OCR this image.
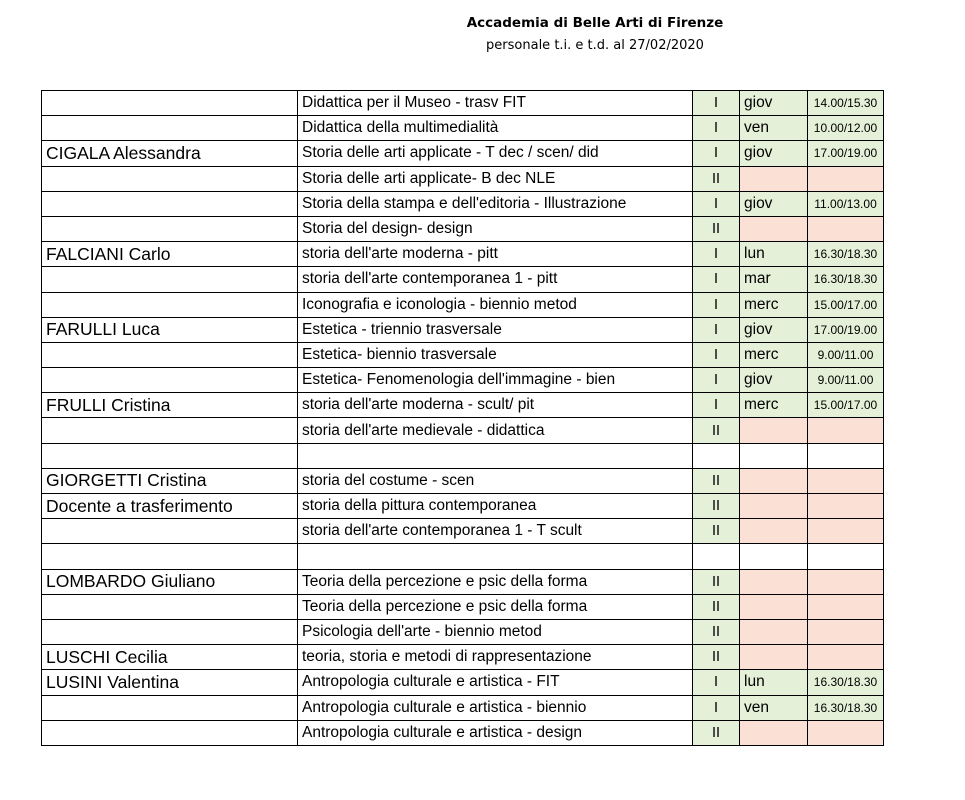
Accademia di Belle Arti di Firenze
personale t.i. e t.d. al 27/02/2020
	Didattica per il Museo - trasv FIT	I	giov	14.00/15.30
	Didattica della multimedialità	I	ven	10.00/12.00
CIGALA Alessandra	Storia delle arti applicate - T dec / scen/ did	I	giov	17.00/19.00
	Storia delle arti applicate- B dec NLE	II		
	Storia della stampa e dell'editoria - Illustrazione	I	giov	11.00/13.00
	Storia del design- design	II		
FALCIANI Carlo	storia dell'arte moderna - pitt	I	lun	16.30/18.30
	storia dell'arte contemporanea 1 - pitt	I	mar	16.30/18.30
	Iconografia e iconologia - biennio metod	I	merc	15.00/17.00
FARULLI Luca	Estetica - triennio trasversale	I	giov	17.00/19.00
	Estetica- biennio trasversale	I	merc	9.00/11.00
	Estetica- Fenomenologia dell'immagine - bien	I	giov	9.00/11.00
FRULLI Cristina	storia dell'arte moderna - scult/ pit	I	merc	15.00/17.00
	storia dell'arte medievale - didattica	II		

GIORGETTI Cristina	storia del costume - scen	II		
Docente a trasferimento	storia della pittura contemporanea	II		
	storia dell'arte contemporanea 1 - T scult	II		

LOMBARDO Giuliano	Teoria della percezione e psic della forma	II		
	Teoria della percezione e psic della forma	II		
	Psicologia dell'arte - biennio metod	II		
LUSCHI Cecilia	teoria, storia e metodi di rappresentazione	II		
LUSINI Valentina	Antropologia culturale e artistica - FIT	I	lun	16.30/18.30
	Antropologia culturale e artistica - biennio	I	ven	16.30/18.30
	Antropologia culturale e artistica - design	II		
